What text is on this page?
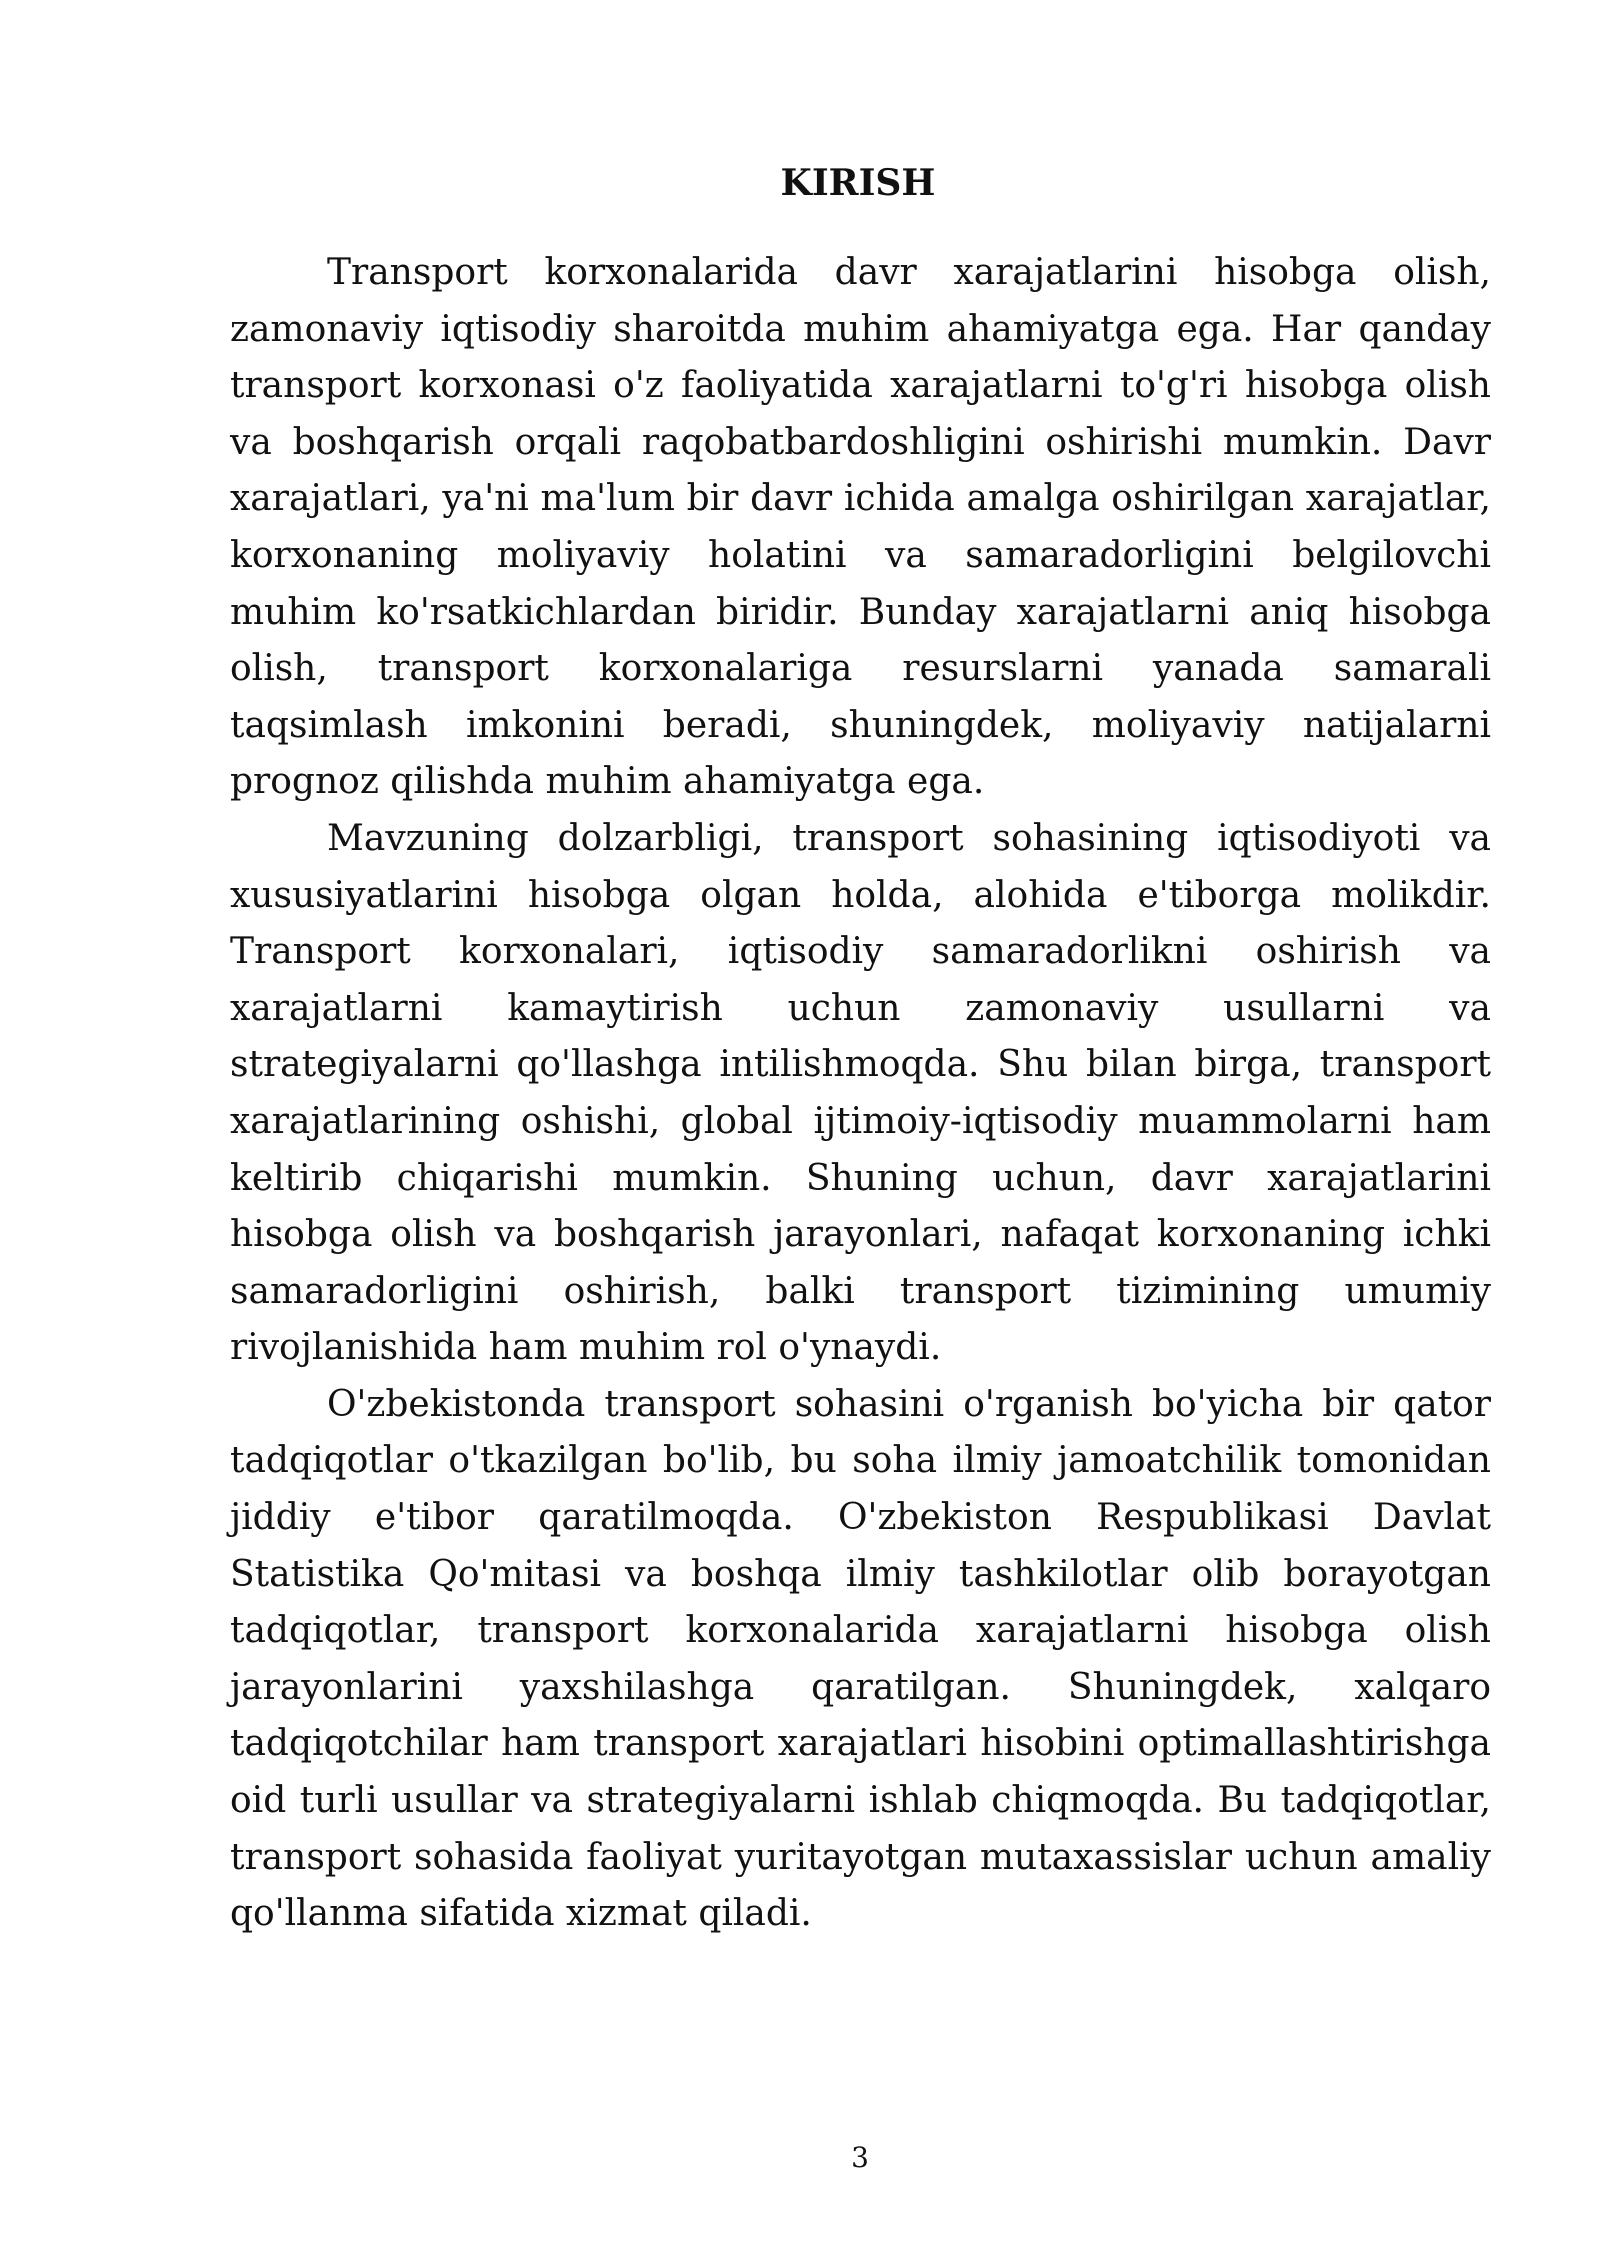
KIRISH

Transport korxonalarida davr xarajatlarini hisobga olish, zamonaviy iqtisodiy sharoitda muhim ahamiyatga ega. Har qanday transport korxonasi o'z faoliyatida xarajatlarni to'g'ri hisobga olish va boshqarish orqali raqobatbardoshligini oshirishi mumkin. Davr xarajatlari, ya'ni ma'lum bir davr ichida amalga oshirilgan xarajatlar, korxonaning moliyaviy holatini va samaradorligini belgilovchi muhim ko'rsatkichlardan biridir. Bunday xarajatlarni aniq hisobga olish, transport korxonalariga resurslarni yanada samarali taqsimlash imkonini beradi, shuningdek, moliyaviy natijalarni prognoz qilishda muhim ahamiyatga ega.

Mavzuning dolzarbligi, transport sohasining iqtisodiyoti va xususiyatlarini hisobga olgan holda, alohida e'tiborga molikdir. Transport korxonalari, iqtisodiy samaradorlikni oshirish va xarajatlarni kamaytirish uchun zamonaviy usullarni va strategiyalarni qo'llashga intilishmoqda. Shu bilan birga, transport xarajatlarining oshishi, global ijtimoiy-iqtisodiy muammolarni ham keltirib chiqarishi mumkin. Shuning uchun, davr xarajatlarini hisobga olish va boshqarish jarayonlari, nafaqat korxonaning ichki samaradorligini oshirish, balki transport tizimining umumiy rivojlanishida ham muhim rol o'ynaydi.

O'zbekistonda transport sohasini o'rganish bo'yicha bir qator tadqiqotlar o'tkazilgan bo'lib, bu soha ilmiy jamoatchilik tomonidan jiddiy e'tibor qaratilmoqda. O'zbekiston Respublikasi Davlat Statistika Qo'mitasi va boshqa ilmiy tashkilotlar olib borayotgan tadqiqotlar, transport korxonalarida xarajatlarni hisobga olish jarayonlarini yaxshilashga qaratilgan. Shuningdek, xalqaro tadqiqotchilar ham transport xarajatlari hisobini optimallashtirishga oid turli usullar va strategiyalarni ishlab chiqmoqda. Bu tadqiqotlar, transport sohasida faoliyat yuritayotgan mutaxassislar uchun amaliy qo'llanma sifatida xizmat qiladi.

3
